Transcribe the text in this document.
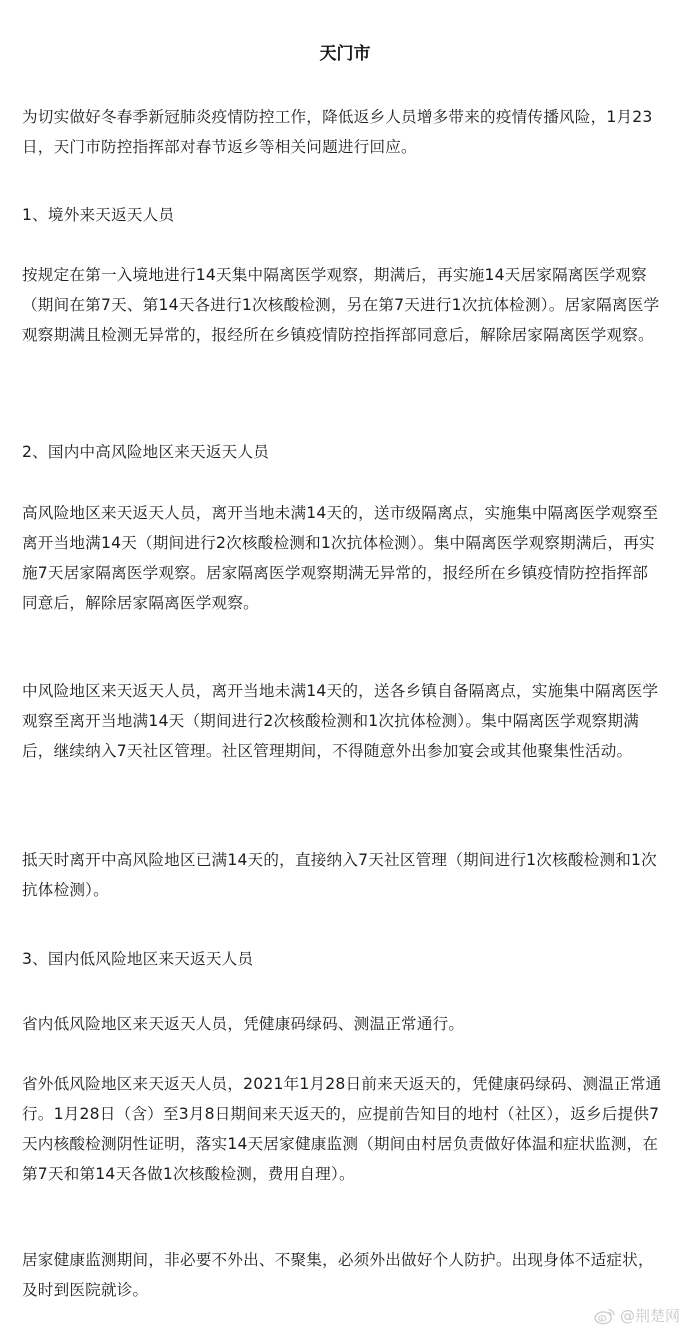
天门市

为切实做好冬春季新冠肺炎疫情防控工作，降低返乡人员增多带来的疫情传播风险，1月23日，天门市防控指挥部对春节返乡等相关问题进行回应。

1、境外来天返天人员

按规定在第一入境地进行14天集中隔离医学观察，期满后，再实施14天居家隔离医学观察（期间在第7天、第14天各进行1次核酸检测，另在第7天进行1次抗体检测）。居家隔离医学观察期满且检测无异常的，报经所在乡镇疫情防控指挥部同意后，解除居家隔离医学观察。

2、国内中高风险地区来天返天人员

高风险地区来天返天人员，离开当地未满14天的，送市级隔离点，实施集中隔离医学观察至离开当地满14天（期间进行2次核酸检测和1次抗体检测）。集中隔离医学观察期满后，再实施7天居家隔离医学观察。居家隔离医学观察期满无异常的，报经所在乡镇疫情防控指挥部同意后，解除居家隔离医学观察。

中风险地区来天返天人员，离开当地未满14天的，送各乡镇自备隔离点，实施集中隔离医学观察至离开当地满14天（期间进行2次核酸检测和1次抗体检测）。集中隔离医学观察期满后，继续纳入7天社区管理。社区管理期间，不得随意外出参加宴会或其他聚集性活动。

抵天时离开中高风险地区已满14天的，直接纳入7天社区管理（期间进行1次核酸检测和1次抗体检测）。

3、国内低风险地区来天返天人员

省内低风险地区来天返天人员，凭健康码绿码、测温正常通行。

省外低风险地区来天返天人员，2021年1月28日前来天返天的，凭健康码绿码、测温正常通行。1月28日（含）至3月8日期间来天返天的，应提前告知目的地村（社区），返乡后提供7天内核酸检测阴性证明，落实14天居家健康监测（期间由村居负责做好体温和症状监测，在第7天和第14天各做1次核酸检测，费用自理）。

居家健康监测期间，非必要不外出、不聚集，必须外出做好个人防护。出现身体不适症状，及时到医院就诊。

@荆楚网
